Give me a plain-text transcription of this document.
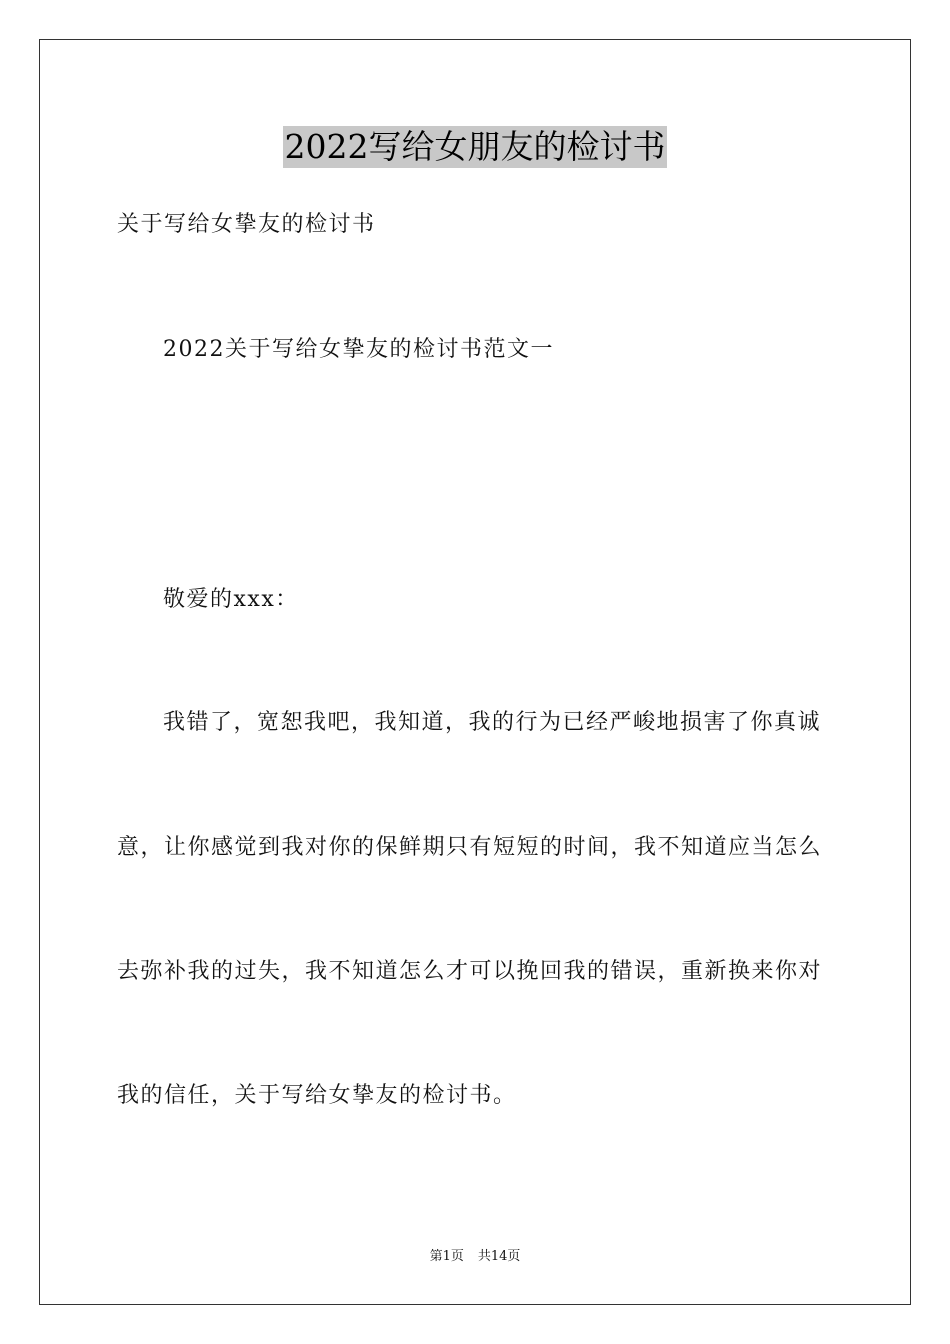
2022写给女朋友的检讨书
关于写给女挚友的检讨书
2022关于写给女挚友的检讨书范文一
敬爱的xxx：
我错了，宽恕我吧，我知道，我的行为已经严峻地损害了你真诚
意，让你感觉到我对你的保鲜期只有短短的时间，我不知道应当怎么
去弥补我的过失，我不知道怎么才可以挽回我的错误，重新换来你对
我的信任，关于写给女挚友的检讨书。
第1页 共14页
